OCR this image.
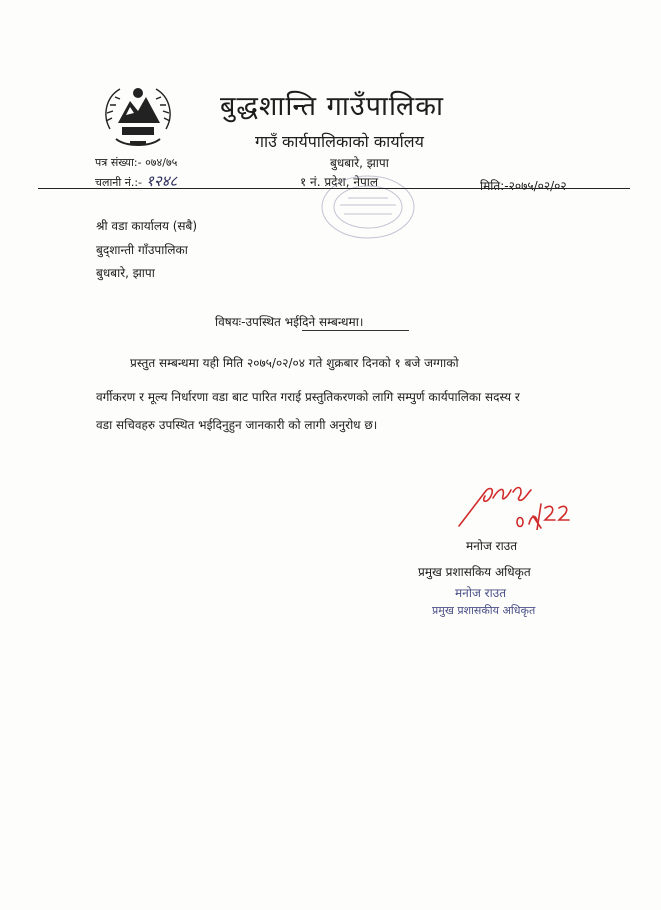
बुद्धशान्ति गाउँपालिका
गाउँ कार्यपालिकाको कार्यालय
बुधबारे, झापा
१ नं. प्रदेश, नेपाल
पत्र संख्या:- ०७४/७५
चलानी नं.:- १२४८	मिति:-२०७५/०२/०२
श्री वडा कार्यालय (सबै)
बुद्शान्ती गाँउपालिका
बुधबारे, झापा
विषयः-उपस्थित भईदिने सम्बन्धमा।
प्रस्तुत सम्बन्धमा यही मिति २०७५/०२/०४ गते शुक्रबार दिनको १ बजे जग्गाको
वर्गीकरण र मूल्य निर्धारणा वडा बाट पारित गराई प्रस्तुतिकरणको लागि सम्पुर्ण कार्यपालिका सदस्य र
वडा सचिवहरु उपस्थित भईदिनुहुन जानकारी को लागी अनुरोध छ।
मनोज राउत
प्रमुख प्रशासकिय अधिकृत
मनोज राउत
प्रमुख प्रशासकीय अधिकृत
